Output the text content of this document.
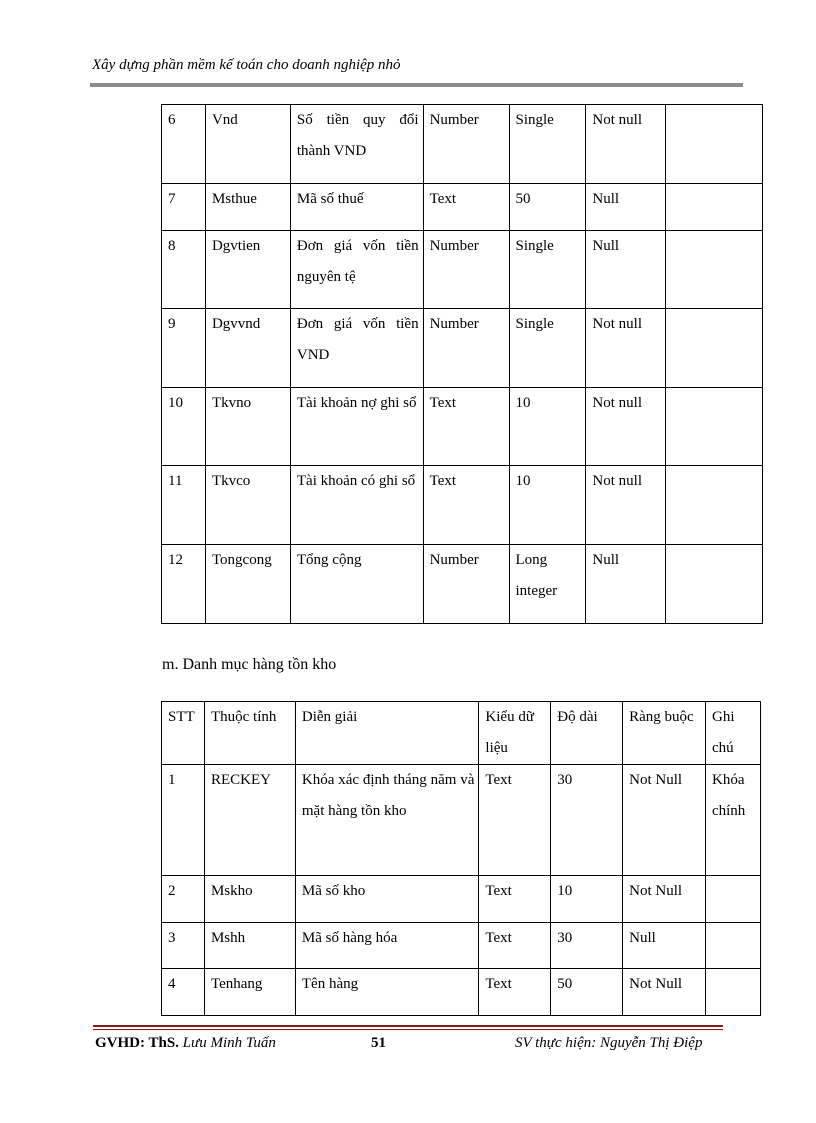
Xây dựng phần mềm kế toán cho doanh nghiệp nhỏ
6	Vnd	Số tiền quy đổi thành VND	Number	Single	Not null	
7	Msthue	Mã số thuế	Text	50	Null	
8	Dgvtien	Đơn giá vốn tiền nguyên tệ	Number	Single	Null	
9	Dgvvnd	Đơn giá vốn tiền VND	Number	Single	Not null	
10	Tkvno	Tài khoản nợ ghi sổ	Text	10	Not null	
11	Tkvco	Tài khoản có ghi sổ	Text	10	Not null	
12	Tongcong	Tổng cộng	Number	Long integer	Null	
m. Danh mục hàng tồn kho
STT	Thuộc tính	Diễn giải	Kiểu dữ liệu	Độ dài	Ràng buộc	Ghi chú
1	RECKEY	Khóa xác định tháng năm và mặt hàng tồn kho	Text	30	Not Null	Khóa chính
2	Mskho	Mã số kho	Text	10	Not Null	
3	Mshh	Mã số hàng hóa	Text	30	Null	
4	Tenhang	Tên hàng	Text	50	Not Null	
GVHD: ThS. Lưu Minh Tuấn	51	SV thực hiện: Nguyễn Thị Điệp
